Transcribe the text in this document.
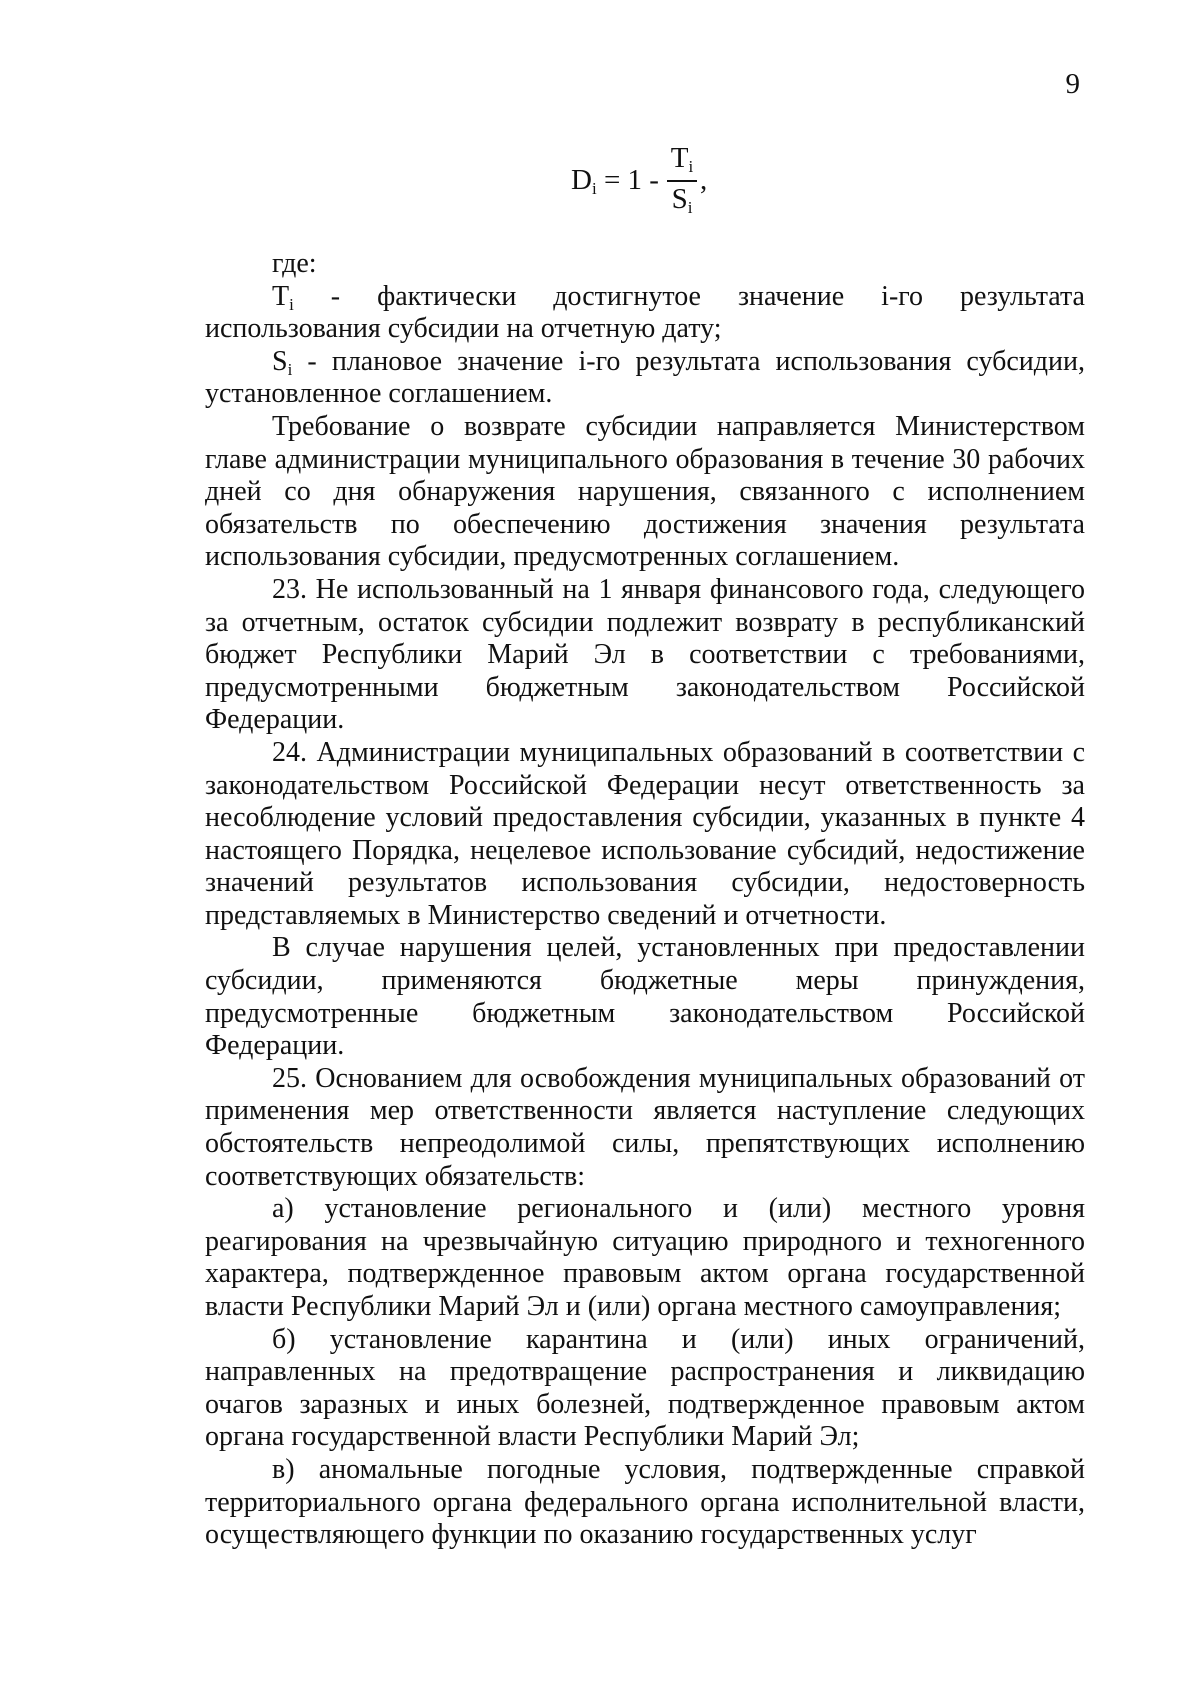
9
$D_i = 1$ -
$T_i$
$S_i$
,

где:

$T_i$ - фактически достигнутое значение i-го результата использования субсидии на отчетную дату;

$S_i$ - плановое значение i-го результата использования субсидии, установленное соглашением.

Требование о возврате субсидии направляется Министерством главе администрации муниципального образования в течение 30 рабочих дней со дня обнаружения нарушения, связанного с исполнением обязательств по обеспечению достижения значения результата использования субсидии, предусмотренных соглашением.

23. Не использованный на 1 января финансового года, следующего за отчетным, остаток субсидии подлежит возврату в республиканский бюджет Республики Марий Эл в соответствии с требованиями, предусмотренными бюджетным законодательством Российской Федерации.

24. Администрации муниципальных образований в соответствии с законодательством Российской Федерации несут ответственность за несоблюдение условий предоставления субсидии, указанных в пункте 4 настоящего Порядка, нецелевое использование субсидий, недостижение значений результатов использования субсидии, недостоверность представляемых в Министерство сведений и отчетности.

В случае нарушения целей, установленных при предоставлении субсидии, применяются бюджетные меры принуждения, предусмотренные бюджетным законодательством Российской Федерации.

25. Основанием для освобождения муниципальных образований от применения мер ответственности является наступление следующих обстоятельств непреодолимой силы, препятствующих исполнению соответствующих обязательств:

а) установление регионального и (или) местного уровня реагирования на чрезвычайную ситуацию природного и техногенного характера, подтвержденное правовым актом органа государственной власти Республики Марий Эл и (или) органа местного самоуправления;

б) установление карантина и (или) иных ограничений, направленных на предотвращение распространения и ликвидацию очагов заразных и иных болезней, подтвержденное правовым актом органа государственной власти Республики Марий Эл;

в) аномальные погодные условия, подтвержденные справкой территориального органа федерального органа исполнительной власти, осуществляющего функции по оказанию государственных услуг
